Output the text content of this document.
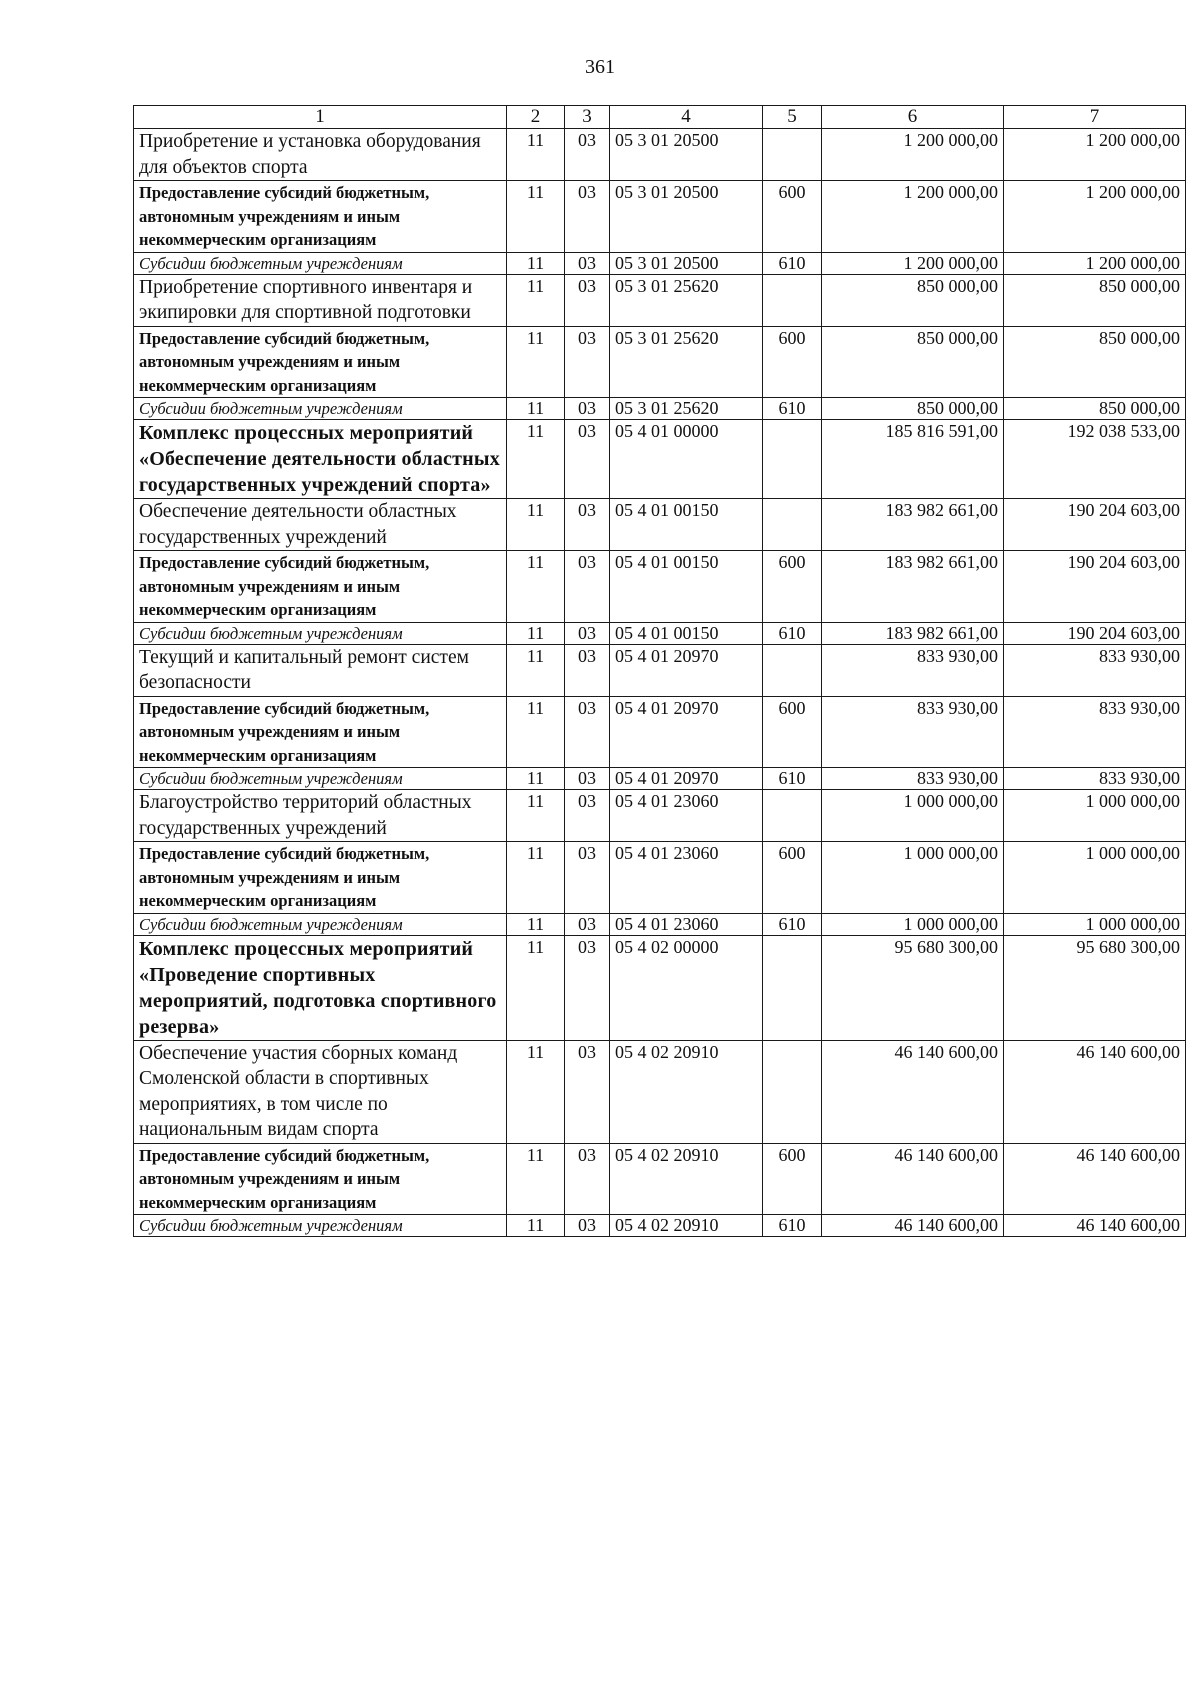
361
1	2	3	4	5	6	7
Приобретение и установка оборудования для объектов спорта	11	03	05 3 01 20500		1 200 000,00	1 200 000,00
Предоставление субсидий бюджетным, автономным учреждениям и иным некоммерческим организациям	11	03	05 3 01 20500	600	1 200 000,00	1 200 000,00
Субсидии бюджетным учреждениям	11	03	05 3 01 20500	610	1 200 000,00	1 200 000,00
Приобретение спортивного инвентаря и экипировки для спортивной подготовки	11	03	05 3 01 25620		850 000,00	850 000,00
Предоставление субсидий бюджетным, автономным учреждениям и иным некоммерческим организациям	11	03	05 3 01 25620	600	850 000,00	850 000,00
Субсидии бюджетным учреждениям	11	03	05 3 01 25620	610	850 000,00	850 000,00
Комплекс процессных мероприятий «Обеспечение деятельности областных государственных учреждений спорта»	11	03	05 4 01 00000		185 816 591,00	192 038 533,00
Обеспечение деятельности областных государственных учреждений	11	03	05 4 01 00150		183 982 661,00	190 204 603,00
Предоставление субсидий бюджетным, автономным учреждениям и иным некоммерческим организациям	11	03	05 4 01 00150	600	183 982 661,00	190 204 603,00
Субсидии бюджетным учреждениям	11	03	05 4 01 00150	610	183 982 661,00	190 204 603,00
Текущий и капитальный ремонт систем безопасности	11	03	05 4 01 20970		833 930,00	833 930,00
Предоставление субсидий бюджетным, автономным учреждениям и иным некоммерческим организациям	11	03	05 4 01 20970	600	833 930,00	833 930,00
Субсидии бюджетным учреждениям	11	03	05 4 01 20970	610	833 930,00	833 930,00
Благоустройство территорий областных государственных учреждений	11	03	05 4 01 23060		1 000 000,00	1 000 000,00
Предоставление субсидий бюджетным, автономным учреждениям и иным некоммерческим организациям	11	03	05 4 01 23060	600	1 000 000,00	1 000 000,00
Субсидии бюджетным учреждениям	11	03	05 4 01 23060	610	1 000 000,00	1 000 000,00
Комплекс процессных мероприятий «Проведение спортивных мероприятий, подготовка спортивного резерва»	11	03	05 4 02 00000		95 680 300,00	95 680 300,00
Обеспечение участия сборных команд Смоленской области в спортивных мероприятиях, в том числе по национальным видам спорта	11	03	05 4 02 20910		46 140 600,00	46 140 600,00
Предоставление субсидий бюджетным, автономным учреждениям и иным некоммерческим организациям	11	03	05 4 02 20910	600	46 140 600,00	46 140 600,00
Субсидии бюджетным учреждениям	11	03	05 4 02 20910	610	46 140 600,00	46 140 600,00
